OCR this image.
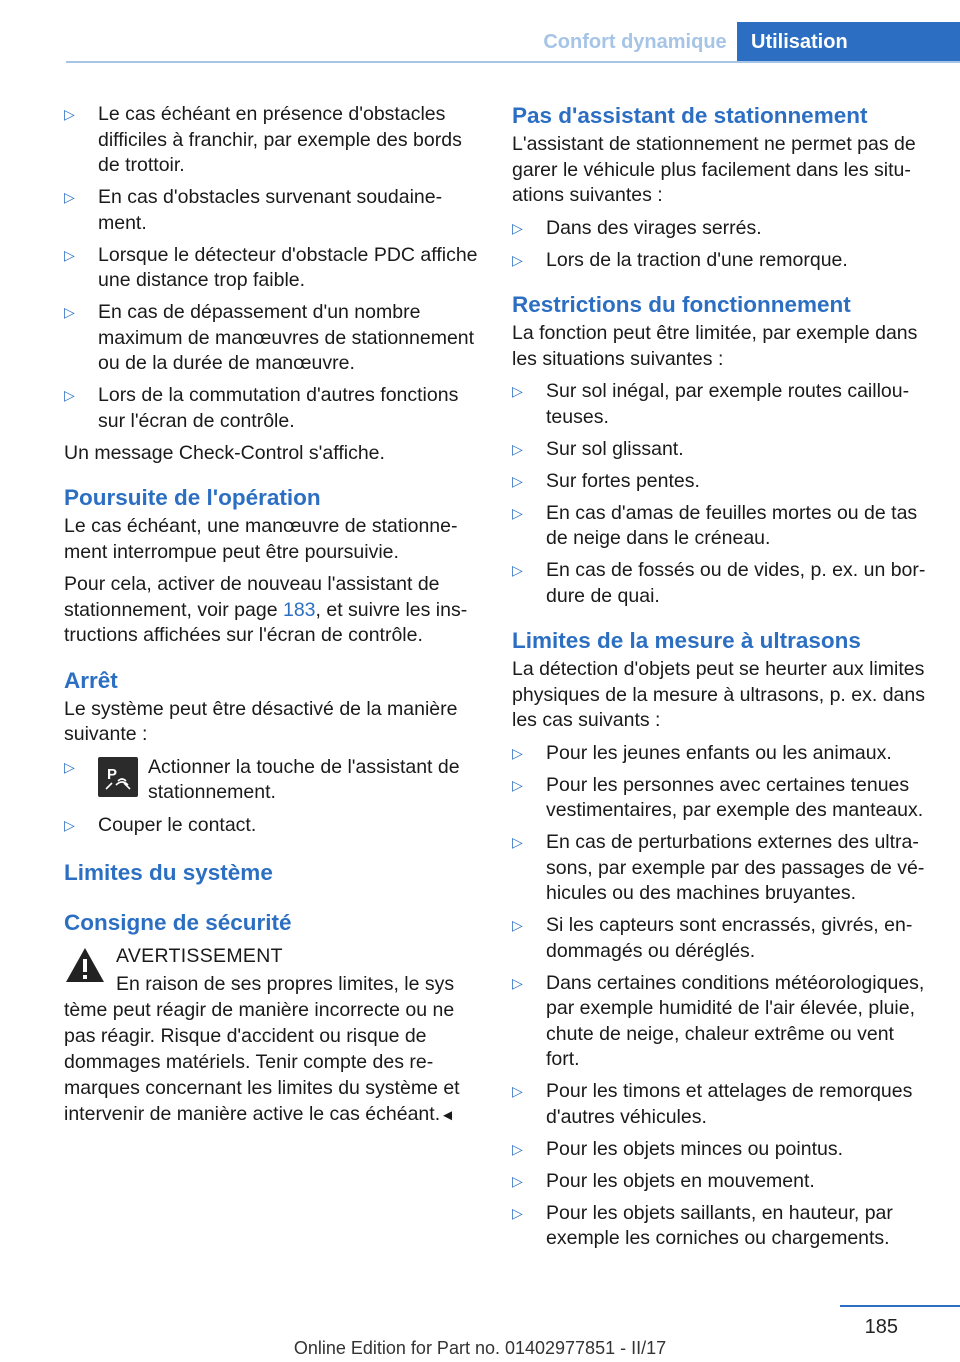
Confort dynamique	Utilisation
▷ Le cas échéant en présence d'obstacles difficiles à franchir, par exemple des bords de trottoir.
▷ En cas d'obstacles survenant soudainement.
▷ Lorsque le détecteur d'obstacle PDC affiche une distance trop faible.
▷ En cas de dépassement d'un nombre maximum de manœuvres de stationnement ou de la durée de manœuvre.
▷ Lors de la commutation d'autres fonctions sur l'écran de contrôle.

Un message Check-Control s'affiche.

Poursuite de l'opération

Le cas échéant, une manœuvre de stationnement interrompue peut être poursuivie.

Pour cela, activer de nouveau l'assistant de stationnement, voir page 183, et suivre les instructions affichées sur l'écran de contrôle.

Arrêt

Le système peut être désactivé de la manière suivante :

▷	P Actionner la touche de l'assistant de stationnement.
▷ Couper le contact.
Limites du système
Consigne de sécurité
AVERTISSEMENT
En raison de ses propres limites, le sys
tème peut réagir de manière incorrecte ou ne pas réagir. Risque d'accident ou risque de dommages matériels. Tenir compte des remarques concernant les limites du système et intervenir de manière active le cas échéant.◄
Pas d'assistant de stationnement

L'assistant de stationnement ne permet pas de garer le véhicule plus facilement dans les situations suivantes :

▷ Dans des virages serrés.
▷ Lors de la traction d'une remorque.
Restrictions du fonctionnement

La fonction peut être limitée, par exemple dans les situations suivantes :

▷ Sur sol inégal, par exemple routes caillouteuses.
▷ Sur sol glissant.
▷ Sur fortes pentes.
▷ En cas d'amas de feuilles mortes ou de tas de neige dans le créneau.
▷ En cas de fossés ou de vides, p. ex. un bordure de quai.
Limites de la mesure à ultrasons

La détection d'objets peut se heurter aux limites physiques de la mesure à ultrasons, p. ex. dans les cas suivants :

▷ Pour les jeunes enfants ou les animaux.
▷ Pour les personnes avec certaines tenues vestimentaires, par exemple des manteaux.
▷ En cas de perturbations externes des ultrasons, par exemple par des passages de véhicules ou des machines bruyantes.
▷ Si les capteurs sont encrassés, givrés, endommagés ou déréglés.
▷ Dans certaines conditions météorologiques, par exemple humidité de l'air élevée, pluie, chute de neige, chaleur extrême ou vent fort.
▷ Pour les timons et attelages de remorques d'autres véhicules.
▷ Pour les objets minces ou pointus.
▷ Pour les objets en mouvement.
▷ Pour les objets saillants, en hauteur, par exemple les corniches ou chargements.
185
Online Edition for Part no. 01402977851 - II/17
